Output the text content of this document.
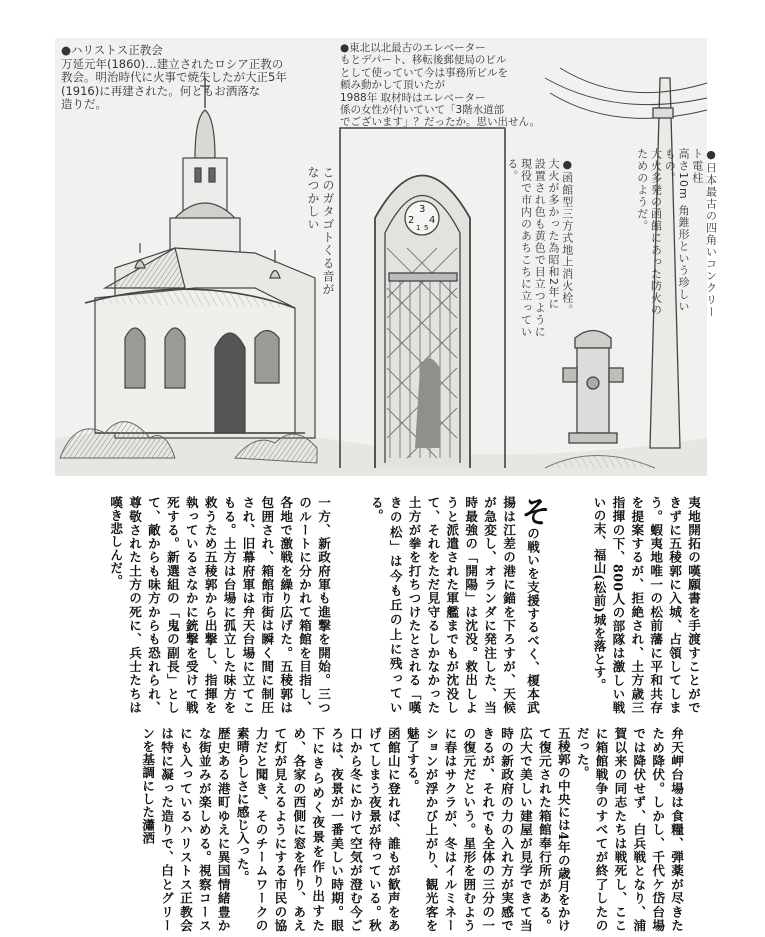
3
2 4
1 5
●ハリストス正教会
万延元年(1860)…建立されたロシア正教の
教会。明治時代に火事で焼失したが大正5年
(1916)に再建された。何ともお洒落な
造りだ。
●東北以北最古のエレベーター
もとデパート、移転後郵便局のビル
として使っていて今は事務所ビルを
頼み動かして頂いたが
1988年 取材時はエレベーター
係の女性が付いていて「3階水道部
でございます」？だったか。思い出せん。
このガタゴトくる音が
なつかしい	●日本最古の四角いコンクリート電柱
高さ10m 角錐形という珍しいもの。
大火多発の函館にあった防火のためのようだ。
●函館型三方式地上消火栓。
大火が多かった為昭和2年に
設置され色も黄色で目立つように
現役で市内のあちこちに立っている。

夷地開拓の嘆願書を手渡すことができずに五稜郭に入城、占領してしまう。蝦夷地唯一の松前藩に平和共存を提案するが、拒絶され、土方歳三指揮の下、800人の部隊は激しい戦いの末、福山(松前)城を落とす。

その戦いを支援するべく、榎本武揚は江差の港に錨を下ろすが、天候が急変し、オランダに発注した、当時最強の「開陽」は沈没。救出しようと派遣された軍艦までもが沈没して、それをただ見守るしかなかった土方が拳を打ちつけたとされる「嘆きの松」は今も丘の上に残っている。

一方、新政府軍も進撃を開始。三つのルートに分かれて箱館を目指し、各地で激戦を繰り広げた。五稜郭は包囲され、箱館市街は瞬く間に制圧され、旧幕府軍は弁天台場に立てこもる。土方は台場に孤立した味方を救うため五稜郭から出撃し、指揮を執っているさなかに銃撃を受けて戦死する。新選組の「鬼の副長」として、敵からも味方からも恐れられ、尊敬された土方の死に、兵士たちは嘆き悲しんだ。

弁天岬台場は食糧、弾薬が尽きたため降伏。しかし、千代ケ岱台場では降伏せず、白兵戦となり、浦賀以来の同志たちは戦死し、ここに箱館戦争のすべてが終了したのだった。
五稜郭の中央には4年の歳月をかけて復元された箱館奉行所がある。広大で美しい建屋が見学できて当時の新政府の力の入れ方が実感できるが、それでも全体の三分の一の復元だという。星形を囲むように春はサクラが、冬はイルミネーションが浮かび上がり、観光客を魅了する。
函館山に登れば、誰もが歓声をあげてしまう夜景が待っている。秋口から冬にかけて空気が澄む今ごろは、夜景が一番美しい時期。眼下にきらめく夜景を作り出すため、各家の西側に窓を作り、あえて灯が見えるようにする市民の協力だと聞き、そのチームワークの素晴らしさに感じ入った。
歴史ある港町ゆえに異国情緒豊かな街並みが楽しめる。視察コースにも入っているハリストス正教会は特に凝った造りで、白とグリーンを基調にした瀟洒
